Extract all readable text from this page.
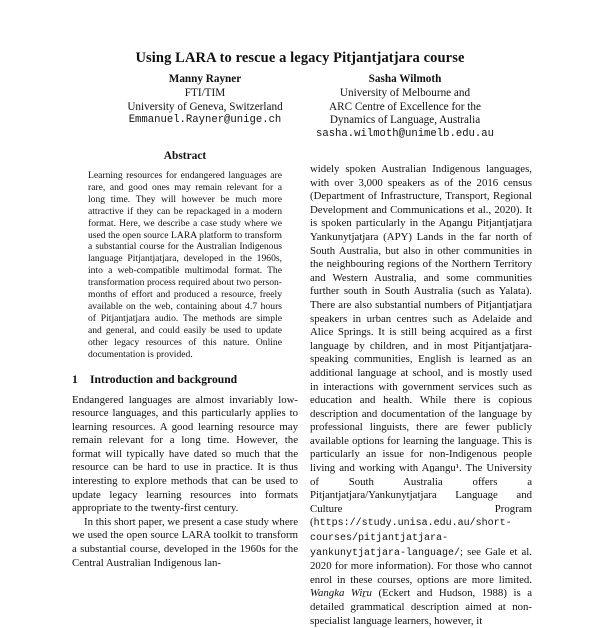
Using LARA to rescue a legacy Pitjantjatjara course
Manny Rayner
FTI/TIM
University of Geneva, Switzerland
Emmanuel.Rayner@unige.ch
Sasha Wilmoth
University of Melbourne and
ARC Centre of Excellence for the
Dynamics of Language, Australia
sasha.wilmoth@unimelb.edu.au
Abstract

Learning resources for endangered languages are rare, and good ones may remain relevant for a long time. They will however be much more attractive if they can be repackaged in a modern format. Here, we describe a case study where we used the open source LARA platform to transform a substantial course for the Australian Indigenous language Pitjantjatjara, developed in the 1960s, into a web-compatible multimodal format. The transformation process required about two person-months of effort and produced a resource, freely available on the web, containing about 4.7 hours of Pitjantjatjara audio. The methods are simple and general, and could easily be used to update other legacy resources of this nature. Online documentation is provided.

1 Introduction and background

Endangered languages are almost invariably low-resource languages, and this particularly applies to learning resources. A good learning resource may remain relevant for a long time. However, the format will typically have dated so much that the resource can be hard to use in practice. It is thus interesting to explore methods that can be used to update legacy learning resources into formats appropriate to the twenty-first century.

In this short paper, we present a case study where we used the open source LARA toolkit to transform a substantial course, developed in the 1960s for the Central Australian Indigenous lan-

widely spoken Australian Indigenous languages, with over 3,000 speakers as of the 2016 census (Department of Infrastructure, Transport, Regional Development and Communications et al., 2020). It is spoken particularly in the Aṉangu Pitjantjatjara Yankunytjatjara (APY) Lands in the far north of South Australia, but also in other communities in the neighbouring regions of the Northern Territory and Western Australia, and some communities further south in South Australia (such as Yalata). There are also substantial numbers of Pitjantjatjara speakers in urban centres such as Adelaide and Alice Springs. It is still being acquired as a first language by children, and in most Pitjantjatjara-speaking communities, English is learned as an additional language at school, and is mostly used in interactions with government services such as education and health. While there is copious description and documentation of the language by professional linguists, there are fewer publicly available options for learning the language. This is particularly an issue for non-Indigenous people living and working with Aṉangu¹. The University of South Australia offers a Pitjantjatjara/Yankunytjatjara Language and Culture Program (https://study.unisa.edu.au/short-courses/pitjantjatjara-yankunytjatjara-language/; see Gale et al. 2020 for more information). For those who cannot enrol in these courses, options are more limited. Wangka Wiṟu (Eckert and Hudson, 1988) is a detailed grammatical description aimed at non-specialist language learners, however, it
